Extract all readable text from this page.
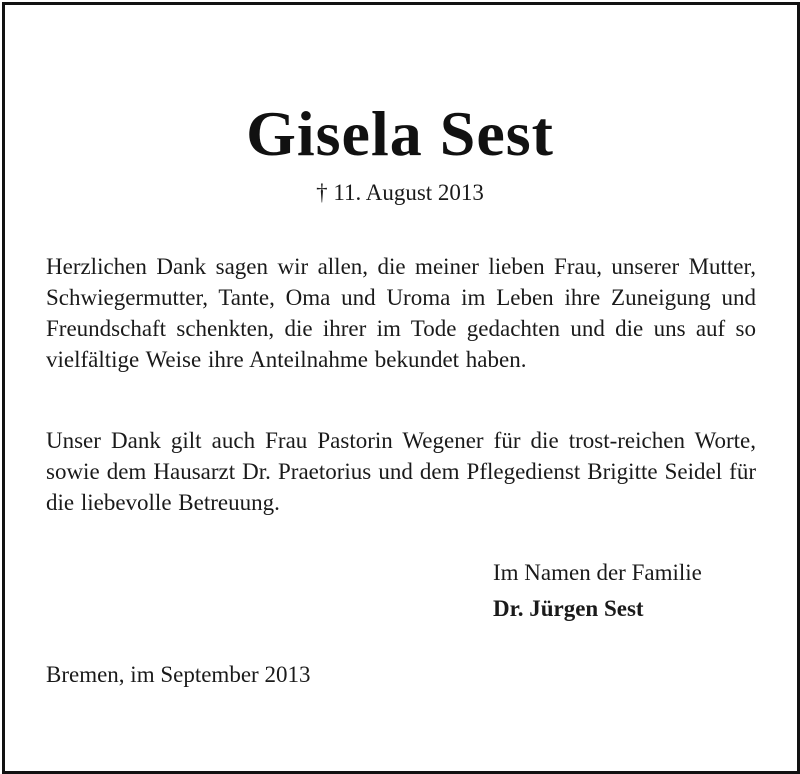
Gisela Sest
† 11. August 2013

Herzlichen Dank sagen wir allen, die meiner lieben Frau, unserer Mutter, Schwiegermutter, Tante, Oma und Uroma im Leben ihre Zuneigung und Freundschaft schenkten, die ihrer im Tode gedachten und die uns auf so vielfältige Weise ihre Anteilnahme bekundet haben.

Unser Dank gilt auch Frau Pastorin Wegener für die trost-reichen Worte, sowie dem Hausarzt Dr. Praetorius und dem Pflegedienst Brigitte Seidel für die liebevolle Betreuung.

Im Namen der Familie
Dr. Jürgen Sest
Bremen, im September 2013
